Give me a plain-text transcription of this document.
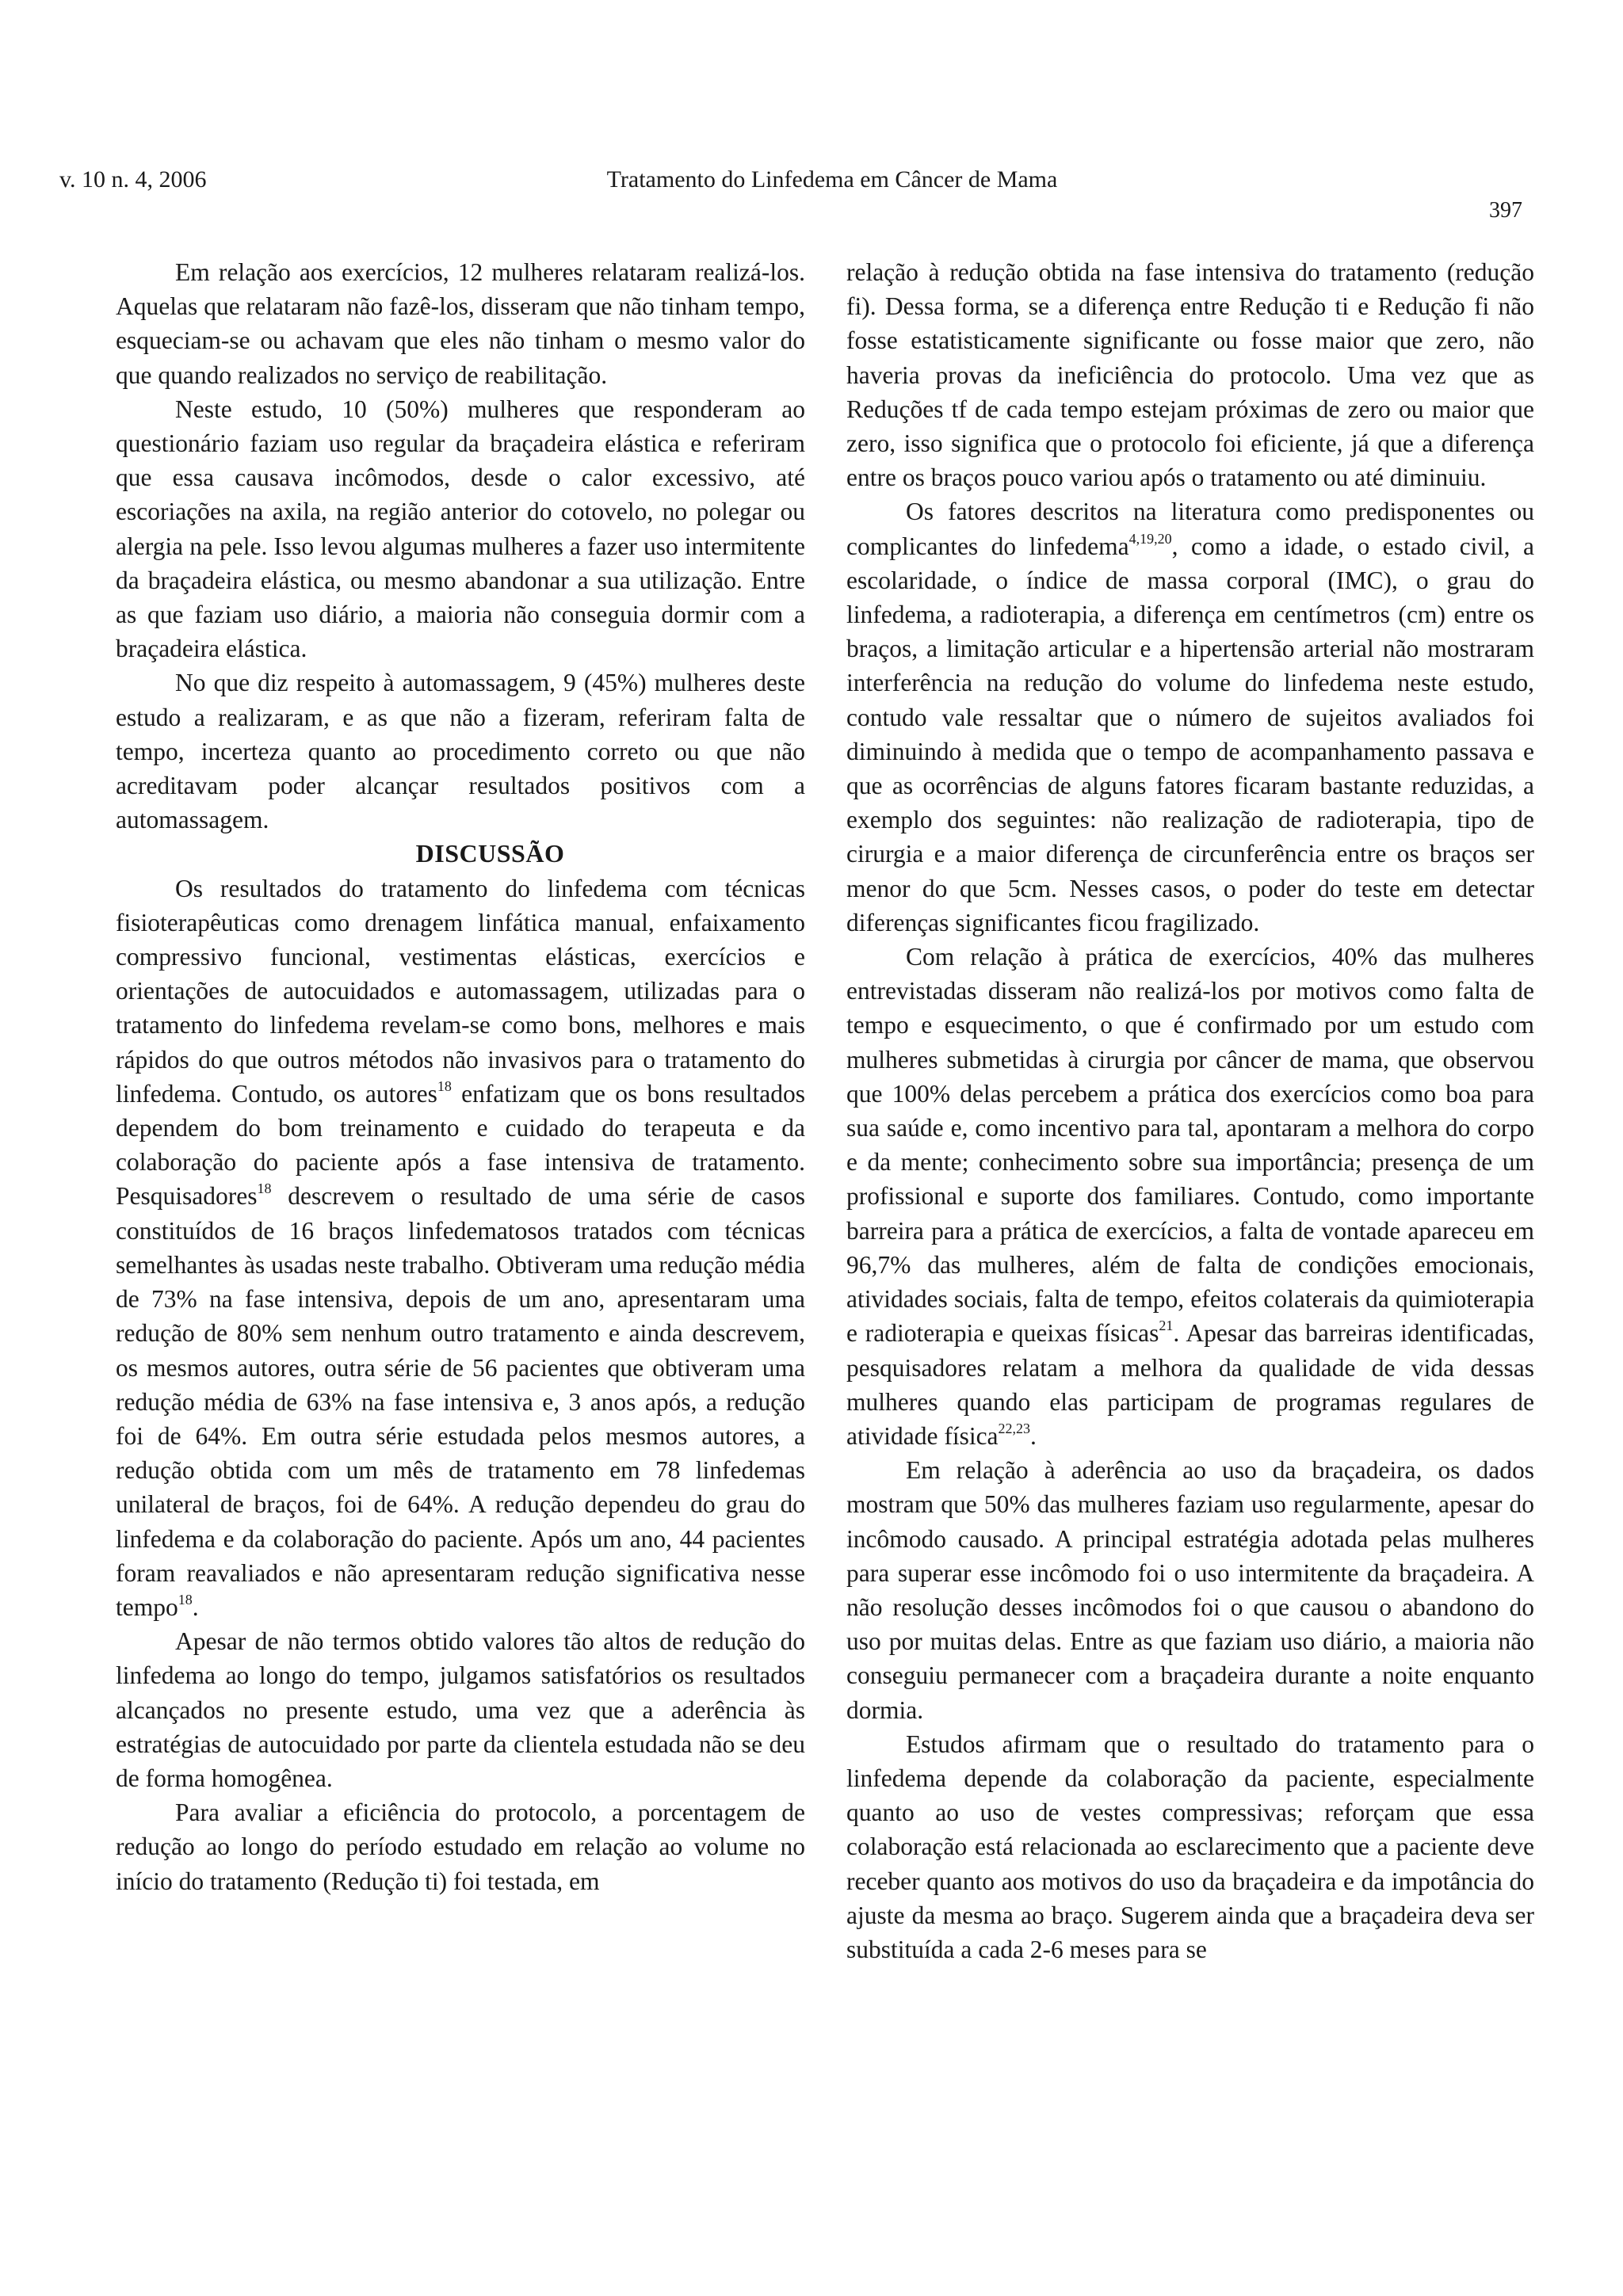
v. 10 n. 4, 2006	Tratamento do Linfedema em Câncer de Mama
397

Em relação aos exercícios, 12 mulheres relataram realizá-los. Aquelas que relataram não fazê-los, disseram que não tinham tempo, esqueciam-se ou achavam que eles não tinham o mesmo valor do que quando realizados no serviço de reabilitação.

Neste estudo, 10 (50%) mulheres que responderam ao questionário faziam uso regular da braçadeira elástica e referiram que essa causava incômodos, desde o calor excessivo, até escoriações na axila, na região anterior do cotovelo, no polegar ou alergia na pele. Isso levou algumas mulheres a fazer uso intermitente da braçadeira elástica, ou mesmo abandonar a sua utilização. Entre as que faziam uso diário, a maioria não conseguia dormir com a braçadeira elástica.

No que diz respeito à automassagem, 9 (45%) mulheres deste estudo a realizaram, e as que não a fizeram, referiram falta de tempo, incerteza quanto ao procedimento correto ou que não acreditavam poder alcançar resultados positivos com a automassagem.

DISCUSSÃO

Os resultados do tratamento do linfedema com técnicas fisioterapêuticas como drenagem linfática manual, enfaixamento compressivo funcional, vestimentas elásticas, exercícios e orientações de autocuidados e automassagem, utilizadas para o tratamento do linfedema revelam-se como bons, melhores e mais rápidos do que outros métodos não invasivos para o tratamento do linfedema. Contudo, os autores$^{18}$ enfatizam que os bons resultados dependem do bom treinamento e cuidado do terapeuta e da colaboração do paciente após a fase intensiva de tratamento. Pesquisadores$^{18}$ descrevem o resultado de uma série de casos constituídos de 16 braços linfedematosos tratados com técnicas semelhantes às usadas neste trabalho. Obtiveram uma redução média de 73% na fase intensiva, depois de um ano, apresentaram uma redução de 80% sem nenhum outro tratamento e ainda descrevem, os mesmos autores, outra série de 56 pacientes que obtiveram uma redução média de 63% na fase intensiva e, 3 anos após, a redução foi de 64%. Em outra série estudada pelos mesmos autores, a redução obtida com um mês de tratamento em 78 linfedemas unilateral de braços, foi de 64%. A redução dependeu do grau do linfedema e da colaboração do paciente. Após um ano, 44 pacientes foram reavaliados e não apresentaram redução significativa nesse tempo$^{18}$.

Apesar de não termos obtido valores tão altos de redução do linfedema ao longo do tempo, julgamos satisfatórios os resultados alcançados no presente estudo, uma vez que a aderência às estratégias de autocuidado por parte da clientela estudada não se deu de forma homogênea.

Para avaliar a eficiência do protocolo, a porcentagem de redução ao longo do período estudado em relação ao volume no início do tratamento (Redução ti) foi testada, em

relação à redução obtida na fase intensiva do tratamento (redução fi). Dessa forma, se a diferença entre Redução ti e Redução fi não fosse estatisticamente significante ou fosse maior que zero, não haveria provas da ineficiência do protocolo. Uma vez que as Reduções tf de cada tempo estejam próximas de zero ou maior que zero, isso significa que o protocolo foi eficiente, já que a diferença entre os braços pouco variou após o tratamento ou até diminuiu.

Os fatores descritos na literatura como predisponentes ou complicantes do linfedema$^{4,19,20}$, como a idade, o estado civil, a escolaridade, o índice de massa corporal (IMC), o grau do linfedema, a radioterapia, a diferença em centímetros (cm) entre os braços, a limitação articular e a hipertensão arterial não mostraram interferência na redução do volume do linfedema neste estudo, contudo vale ressaltar que o número de sujeitos avaliados foi diminuindo à medida que o tempo de acompanhamento passava e que as ocorrências de alguns fatores ficaram bastante reduzidas, a exemplo dos seguintes: não realização de radioterapia, tipo de cirurgia e a maior diferença de circunferência entre os braços ser menor do que 5cm. Nesses casos, o poder do teste em detectar diferenças significantes ficou fragilizado.

Com relação à prática de exercícios, 40% das mulheres entrevistadas disseram não realizá-los por motivos como falta de tempo e esquecimento, o que é confirmado por um estudo com mulheres submetidas à cirurgia por câncer de mama, que observou que 100% delas percebem a prática dos exercícios como boa para sua saúde e, como incentivo para tal, apontaram a melhora do corpo e da mente; conhecimento sobre sua importância; presença de um profissional e suporte dos familiares. Contudo, como importante barreira para a prática de exercícios, a falta de vontade apareceu em 96,7% das mulheres, além de falta de condições emocionais, atividades sociais, falta de tempo, efeitos colaterais da quimioterapia e radioterapia e queixas físicas$^{21}$. Apesar das barreiras identificadas, pesquisadores relatam a melhora da qualidade de vida dessas mulheres quando elas participam de programas regulares de atividade física$^{22,23}$.

Em relação à aderência ao uso da braçadeira, os dados mostram que 50% das mulheres faziam uso regularmente, apesar do incômodo causado. A principal estratégia adotada pelas mulheres para superar esse incômodo foi o uso intermitente da braçadeira. A não resolução desses incômodos foi o que causou o abandono do uso por muitas delas. Entre as que faziam uso diário, a maioria não conseguiu permanecer com a braçadeira durante a noite enquanto dormia.

Estudos afirmam que o resultado do tratamento para o linfedema depende da colaboração da paciente, especialmente quanto ao uso de vestes compressivas; reforçam que essa colaboração está relacionada ao esclarecimento que a paciente deve receber quanto aos motivos do uso da braçadeira e da impotância do ajuste da mesma ao braço. Sugerem ainda que a braçadeira deva ser substituída a cada 2-6 meses para se
